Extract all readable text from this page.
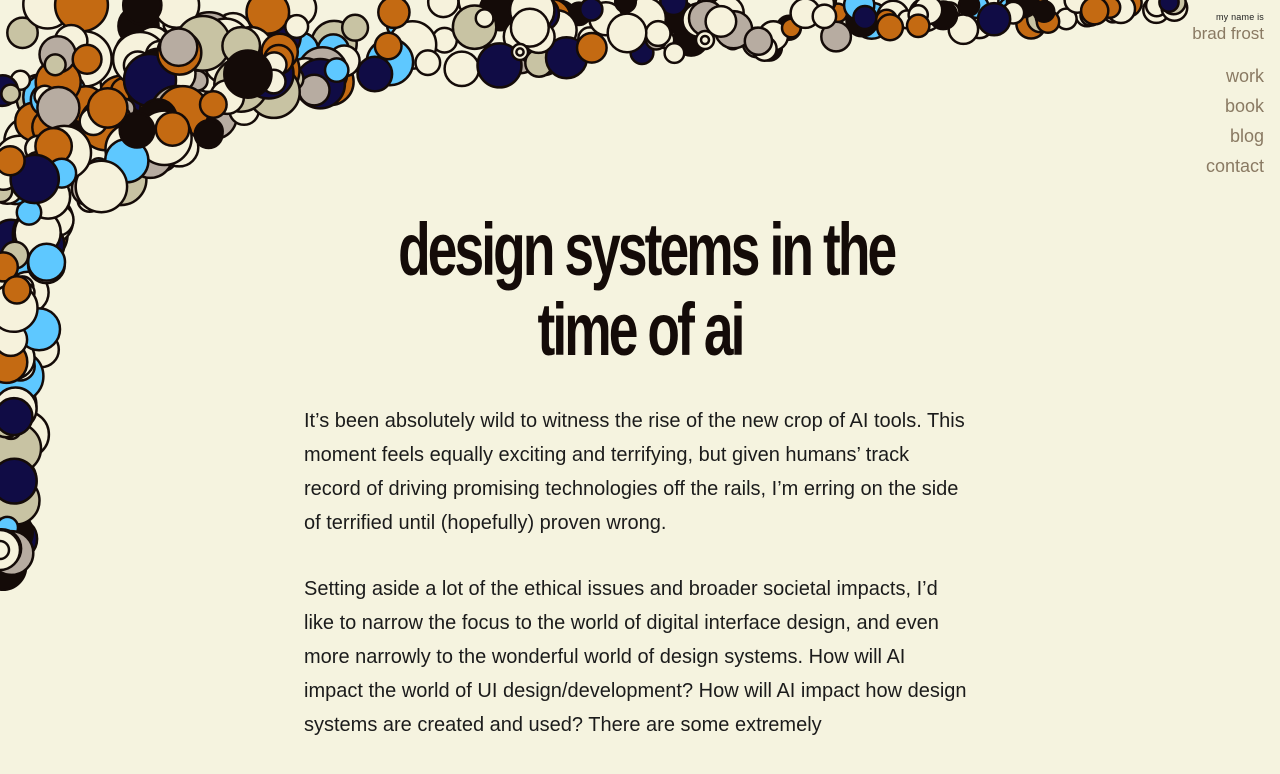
my name is
brad frost
work
book
blog
contact
design systems in the
time of ai

It’s been absolutely wild to witness the rise of the new crop of AI tools. This moment feels equally exciting and terrifying, but given humans’ track record of driving promising technologies off the rails, I’m erring on the side of terrified until (hopefully) proven wrong.

Setting aside a lot of the ethical issues and broader societal impacts, I’d like to narrow the focus to the world of digital interface design, and even more narrowly to the wonderful world of design systems. How will AI impact the world of UI design/development? How will AI impact how design systems are created and used? There are some extremely
